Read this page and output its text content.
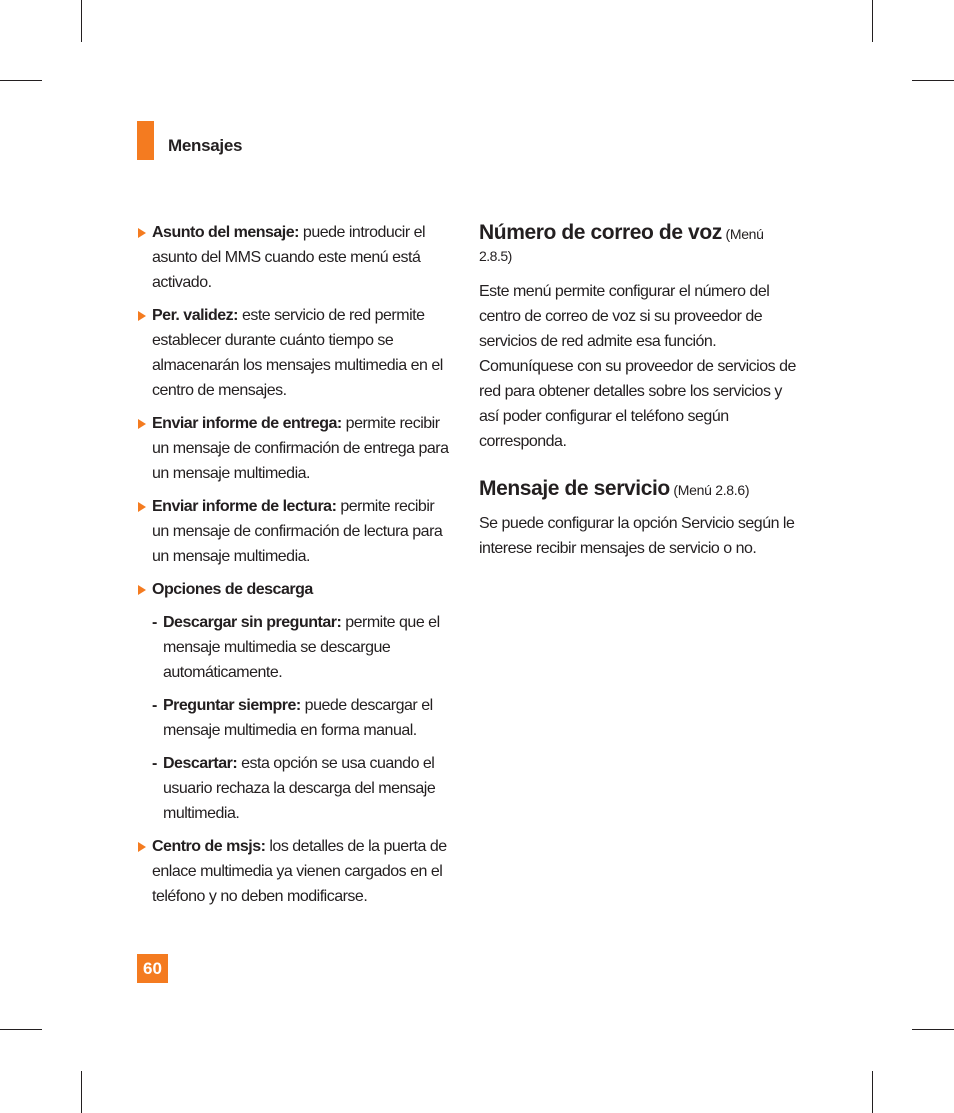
Mensajes
Asunto del mensaje: puede introducir el asunto del MMS cuando este menú está activado.
Per. validez: este servicio de red permite establecer durante cuánto tiempo se almacenarán los mensajes multimedia en el centro de mensajes.
Enviar informe de entrega: permite recibir un mensaje de confirmación de entrega para un mensaje multimedia.
Enviar informe de lectura: permite recibir un mensaje de confirmación de lectura para un mensaje multimedia.
Opciones de descarga
- Descargar sin preguntar: permite que el mensaje multimedia se descargue automáticamente.
- Preguntar siempre: puede descargar el mensaje multimedia en forma manual.
- Descartar: esta opción se usa cuando el usuario rechaza la descarga del mensaje multimedia.
Centro de msjs: los detalles de la puerta de enlace multimedia ya vienen cargados en el teléfono y no deben modificarse.

Número de correo de voz (Menú

2.8.5)

Este menú permite configurar el número del centro de correo de voz si su proveedor de servicios de red admite esa función. Comuníquese con su proveedor de servicios de red para obtener detalles sobre los servicios y así poder configurar el teléfono según corresponda.

Mensaje de servicio (Menú 2.8.6)

Se puede configurar la opción Servicio según le interese recibir mensajes de servicio o no.

60
